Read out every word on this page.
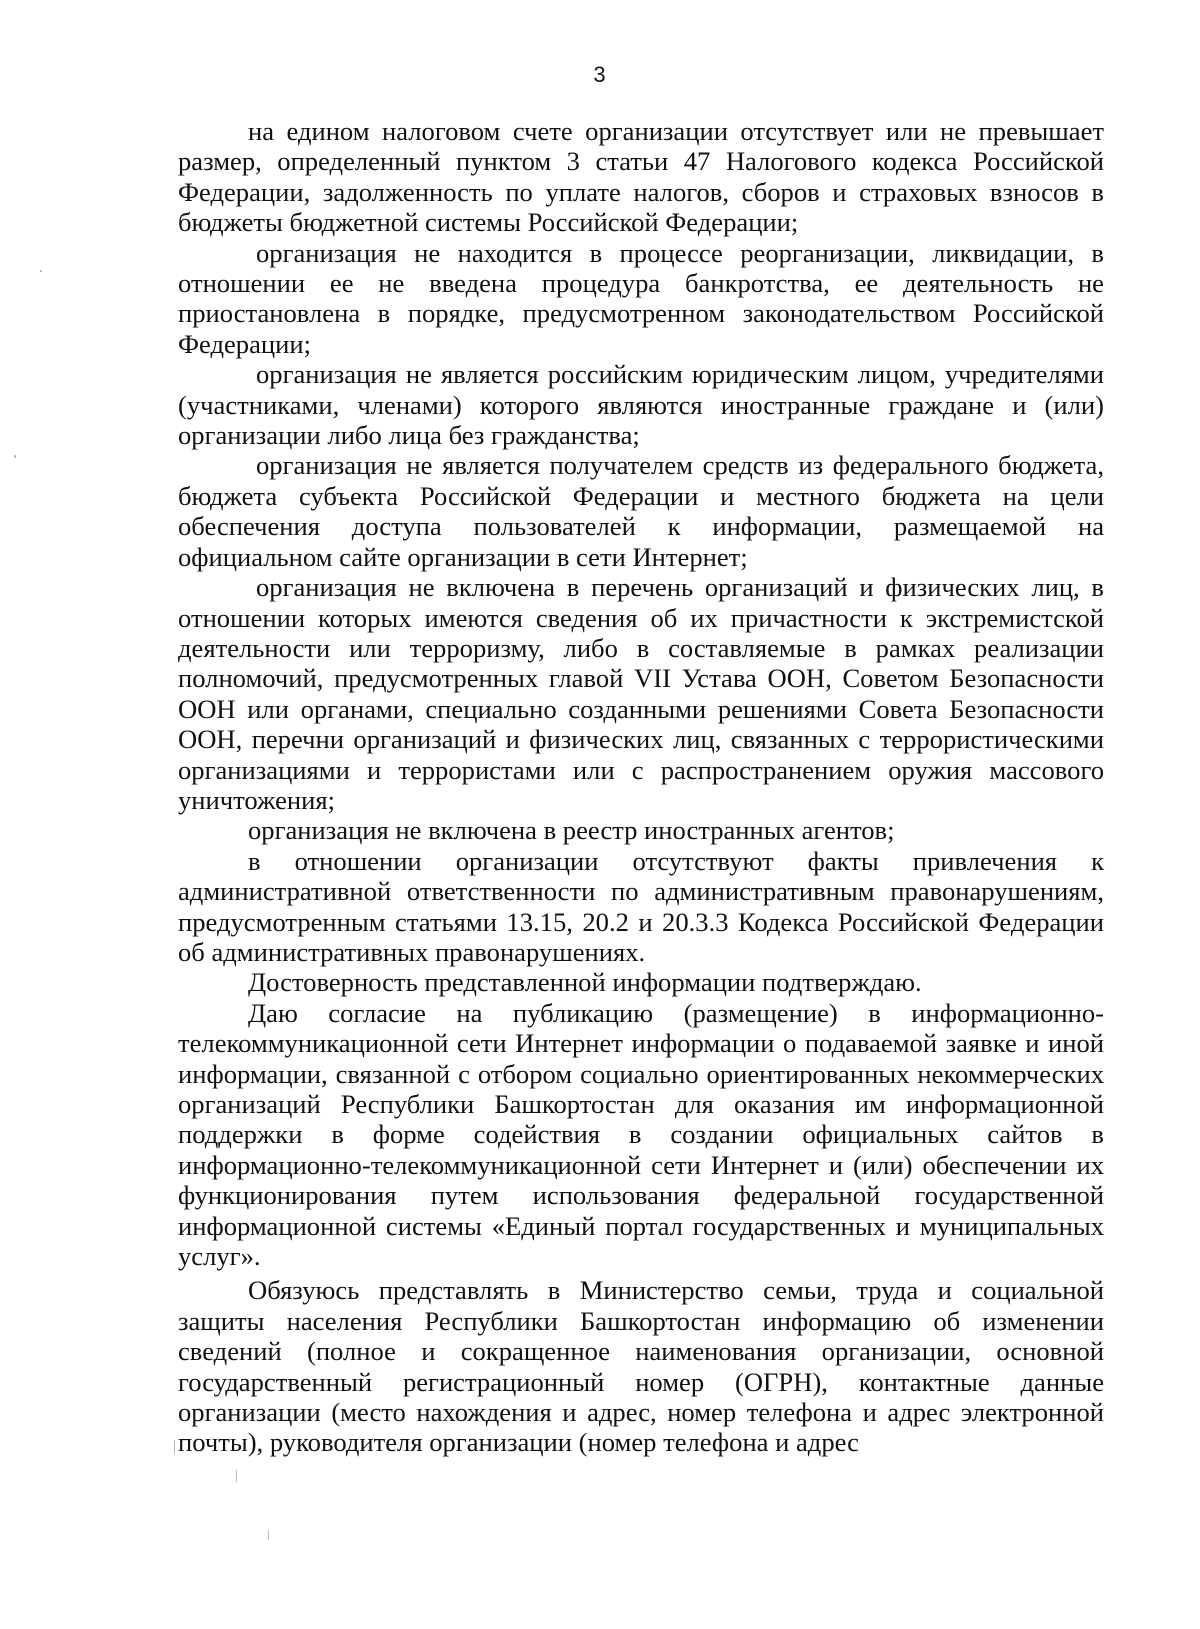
3

на едином налоговом счете организации отсутствует или не превышает размер, определенный пунктом 3 статьи 47 Налогового кодекса Российской Федерации, задолженность по уплате налогов, сборов и страховых взносов в бюджеты бюджетной системы Российской Федерации;

организация не находится в процессе реорганизации, ликвидации, в отношении ее не введена процедура банкротства, ее деятельность не приостановлена в порядке, предусмотренном законодательством Российской Федерации;

организация не является российским юридическим лицом, учредителями (участниками, членами) которого являются иностранные граждане и (или) организации либо лица без гражданства;

организация не является получателем средств из федерального бюджета, бюджета субъекта Российской Федерации и местного бюджета на цели обеспечения доступа пользователей к информации, размещаемой на официальном сайте организации в сети Интернет;

организация не включена в перечень организаций и физических лиц, в отношении которых имеются сведения об их причастности к экстремистской деятельности или терроризму, либо в составляемые в рамках реализации полномочий, предусмотренных главой VII Устава ООН, Советом Безопасности ООН или органами, специально созданными решениями Совета Безопасности ООН, перечни организаций и физических лиц, связанных с террористическими организациями и террористами или с распространением оружия массового уничтожения;

организация не включена в реестр иностранных агентов;

в отношении организации отсутствуют факты привлечения к административной ответственности по административным правонарушениям, предусмотренным статьями 13.15, 20.2 и 20.3.3 Кодекса Российской Федерации об административных правонарушениях.

Достоверность представленной информации подтверждаю.

Даю согласие на публикацию (размещение) в информационно-телекоммуникационной сети Интернет информации о подаваемой заявке и иной информации, связанной с отбором социально ориентированных некоммерческих организаций Республики Башкортостан для оказания им информационной поддержки в форме содействия в создании официальных сайтов в информационно-телекоммуникационной сети Интернет и (или) обеспечении их функционирования путем использования федеральной государственной информационной системы «Единый портал государственных и муниципальных услуг».

Обязуюсь представлять в Министерство семьи, труда и социальной защиты населения Республики Башкортостан информацию об изменении сведений (полное и сокращенное наименования организации, основной государственный регистрационный номер (ОГРН), контактные данные организации (место нахождения и адрес, номер телефона и адрес электронной почты), руководителя организации (номер телефона и адрес
